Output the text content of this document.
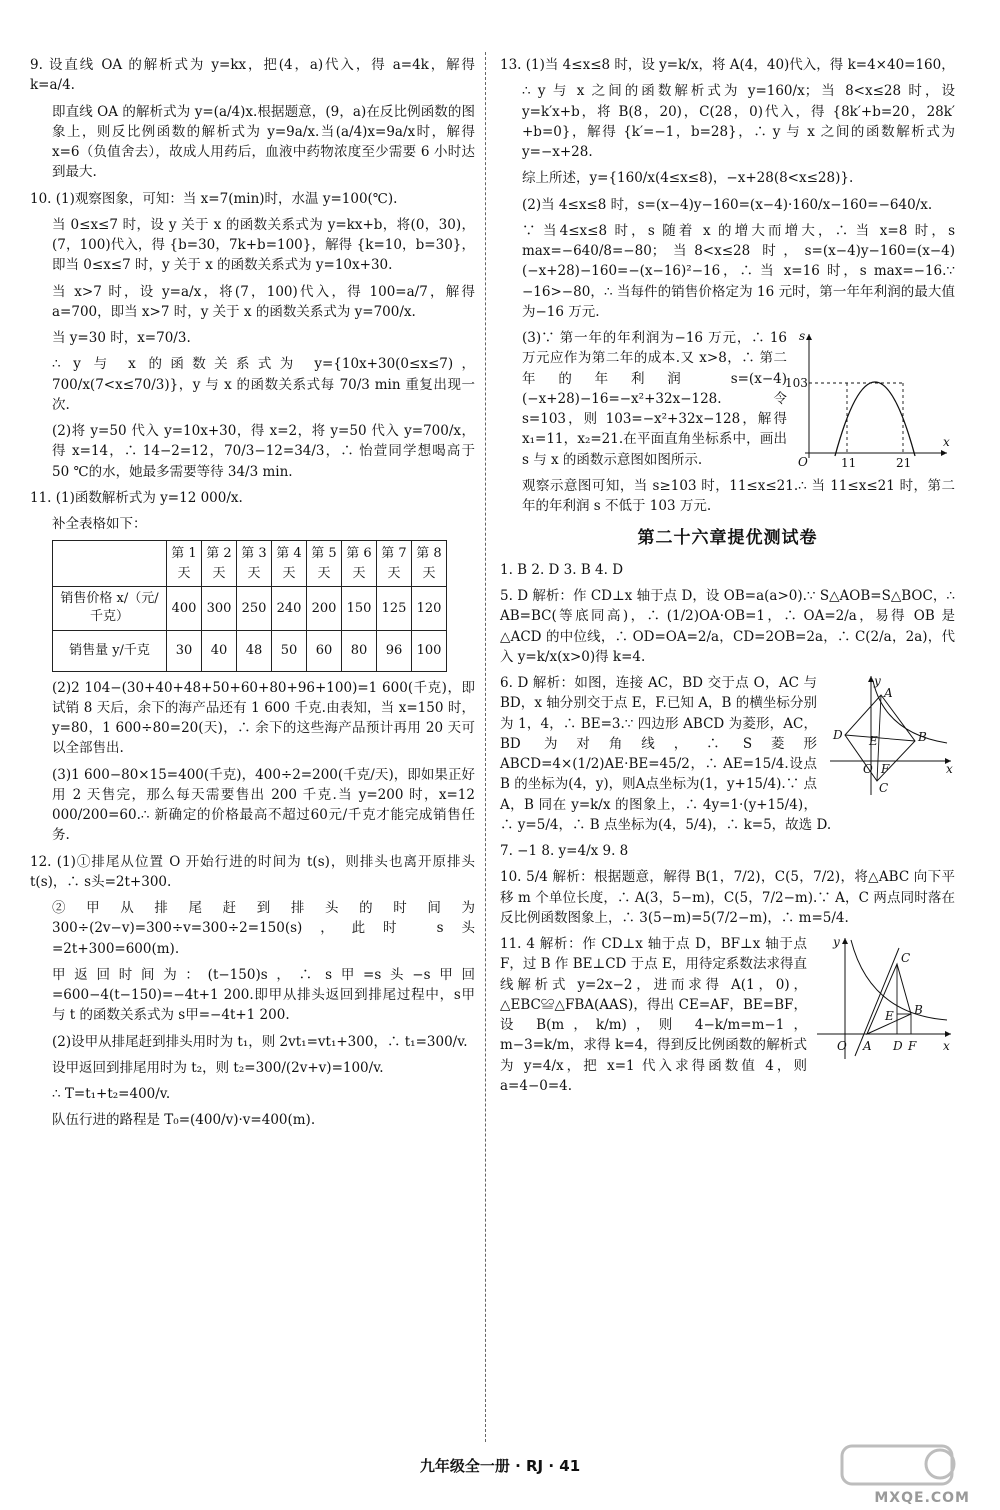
9. 设直线 OA 的解析式为 y=kx，把(4，a)代入，得 a=4k，解得 k=a/4.

即直线 OA 的解析式为 y=(a/4)x.根据题意，(9，a)在反比例函数的图象上，则反比例函数的解析式为 y=9a/x.当(a/4)x=9a/x时，解得 x=6（负值舍去），故成人用药后，血液中药物浓度至少需要 6 小时达到最大.

10. (1)观察图象，可知：当 x=7(min)时，水温 y=100(℃).

当 0≤x≤7 时，设 y 关于 x 的函数关系式为 y=kx+b，将(0，30)，(7，100)代入，得 {b=30，7k+b=100}，解得 {k=10，b=30}，即当 0≤x≤7 时，y 关于 x 的函数关系式为 y=10x+30.

当 x>7 时，设 y=a/x，将(7，100)代入，得 100=a/7，解得 a=700，即当 x>7 时，y 关于 x 的函数关系式为 y=700/x.

当 y=30 时，x=70/3.

∴ y 与 x 的函数关系式为 y={10x+30(0≤x≤7)，700/x(7<x≤70/3)}，y 与 x 的函数关系式每 70/3 min 重复出现一次.

(2)将 y=50 代入 y=10x+30，得 x=2，将 y=50 代入 y=700/x，得 x=14，∴ 14−2=12，70/3−12=34/3，∴ 怡萱同学想喝高于 50 ℃的水，她最多需要等待 34/3 min.

11. (1)函数解析式为 y=12 000/x.

补全表格如下：

	第 1 天	第 2 天	第 3 天	第 4 天	第 5 天	第 6 天	第 7 天	第 8 天
销售价格 x/（元/千克）	400	300	250	240	200	150	125	120
销售量 y/千克	30	40	48	50	60	80	96	100

(2)2 104−(30+40+48+50+60+80+96+100)=1 600(千克)，即试销 8 天后，余下的海产品还有 1 600 千克.由表知，当 x=150 时，y=80，1 600÷80=20(天)，∴ 余下的这些海产品预计再用 20 天可以全部售出.

(3)1 600−80×15=400(千克)，400÷2=200(千克/天)，即如果正好用 2 天售完，那么每天需要售出 200 千克.当 y=200 时，x=12 000/200=60.∴ 新确定的价格最高不超过60元/千克才能完成销售任务.

12. (1)①排尾从位置 O 开始行进的时间为 t(s)，则排头也离开原排头 t(s)，∴ s头=2t+300.

②甲从排尾赶到排头的时间为 300÷(2v−v)=300÷v=300÷2=150(s)，此时 s头=2t+300=600(m).

甲返回时间为：(t−150)s，∴ s甲=s头−s甲回=600−4(t−150)=−4t+1 200.即甲从排头返回到排尾过程中，s甲与 t 的函数关系式为 s甲=−4t+1 200.

(2)设甲从排尾赶到排头用时为 t₁，则 2vt₁=vt₁+300，∴ t₁=300/v.

设甲返回到排尾用时为 t₂，则 t₂=300/(2v+v)=100/v.

∴ T=t₁+t₂=400/v.

队伍行进的路程是 T₀=(400/v)·v=400(m).

13. (1)当 4≤x≤8 时，设 y=k/x，将 A(4，40)代入，得 k=4×40=160，

∴ y 与 x 之间的函数解析式为 y=160/x；当 8<x≤28 时，设 y=k′x+b，将 B(8，20)，C(28，0)代入，得 {8k′+b=20，28k′+b=0}，解得 {k′=−1，b=28}，∴ y 与 x 之间的函数解析式为 y=−x+28.

综上所述，y={160/x(4≤x≤8)，−x+28(8<x≤28)}.

(2)当 4≤x≤8 时，s=(x−4)y−160=(x−4)·160/x−160=−640/x.

∵ 当4≤x≤8 时，s 随着 x 的增大而增大，∴ 当 x=8 时，s max=−640/8=−80；当8<x≤28 时，s=(x−4)y−160=(x−4)(−x+28)−160=−(x−16)²−16，∴ 当 x=16 时，s max=−16.∵ −16>−80，∴ 当每件的销售价格定为 16 元时，第一年年利润的最大值为−16 万元.

s
x
O
103
11	21

(3)∵ 第一年的年利润为−16 万元，∴ 16 万元应作为第二年的成本.又 x>8，∴ 第二年的年利润 s=(x−4)(−x+28)−16=−x²+32x−128.令 s=103，则 103=−x²+32x−128，解得 x₁=11，x₂=21.在平面直角坐标系中，画出 s 与 x 的函数示意图如图所示.

观察示意图可知，当 s≥103 时，11≤x≤21.∴ 当 11≤x≤21 时，第二年的年利润 s 不低于 103 万元.

第二十六章提优测试卷

1. B 2. D 3. B 4. D

5. D 解析：作 CD⊥x 轴于点 D，设 OB=a(a>0).∵ S△AOB=S△BOC，∴ AB=BC(等底同高)，∴ (1/2)OA·OB=1，∴ OA=2/a，易得 OB 是△ACD 的中位线，∴ OD=OA=2/a，CD=2OB=2a，∴ C(2/a，2a)，代入 y=k/x(x>0)得 k=4.

y
x
A
B
C
D E
O F

6. D 解析：如图，连接 AC，BD 交于点 O，AC 与 BD，x 轴分别交于点 E，F.已知 A，B 的横坐标分别为 1，4，∴ BE=3.∵ 四边形 ABCD 为菱形，AC，BD 为对角线，∴ S菱形ABCD=4×(1/2)AE·BE=45/2，∴ AE=15/4.设点 B 的坐标为(4，y)，则A点坐标为(1，y+15/4).∵ 点 A，B 同在 y=k/x 的图象上，∴ 4y=1·(y+15/4)，∴ y=5/4，∴ B 点坐标为(4，5/4)，∴ k=5，故选 D.

7. −1 8. y=4/x 9. 8

10. 5/4 解析：根据题意，解得 B(1，7/2)，C(5，7/2)，将△ABC 向下平移 m 个单位长度，∴ A(3，5−m)，C(5，7/2−m).∵ A，C 两点同时落在反比例函数图象上，∴ 3(5−m)=5(7/2−m)，∴ m=5/4.

y
x
C
B
E
O A D F

11. 4 解析：作 CD⊥x 轴于点 D，BF⊥x 轴于点 F，过 B 作 BE⊥CD 于点 E，用待定系数法求得直线解析式 y=2x−2，进而求得 A(1，0)，△EBC≌△FBA(AAS)，得出 CE=AF，BE=BF，设 B(m，k/m)，则 4−k/m=m−1，m−3=k/m，求得 k=4，得到反比例函数的解析式为 y=4/x，把 x=1 代入求得函数值 4，则 a=4−0=4.

九年级全一册 · RJ · 41
MXQE.COM
